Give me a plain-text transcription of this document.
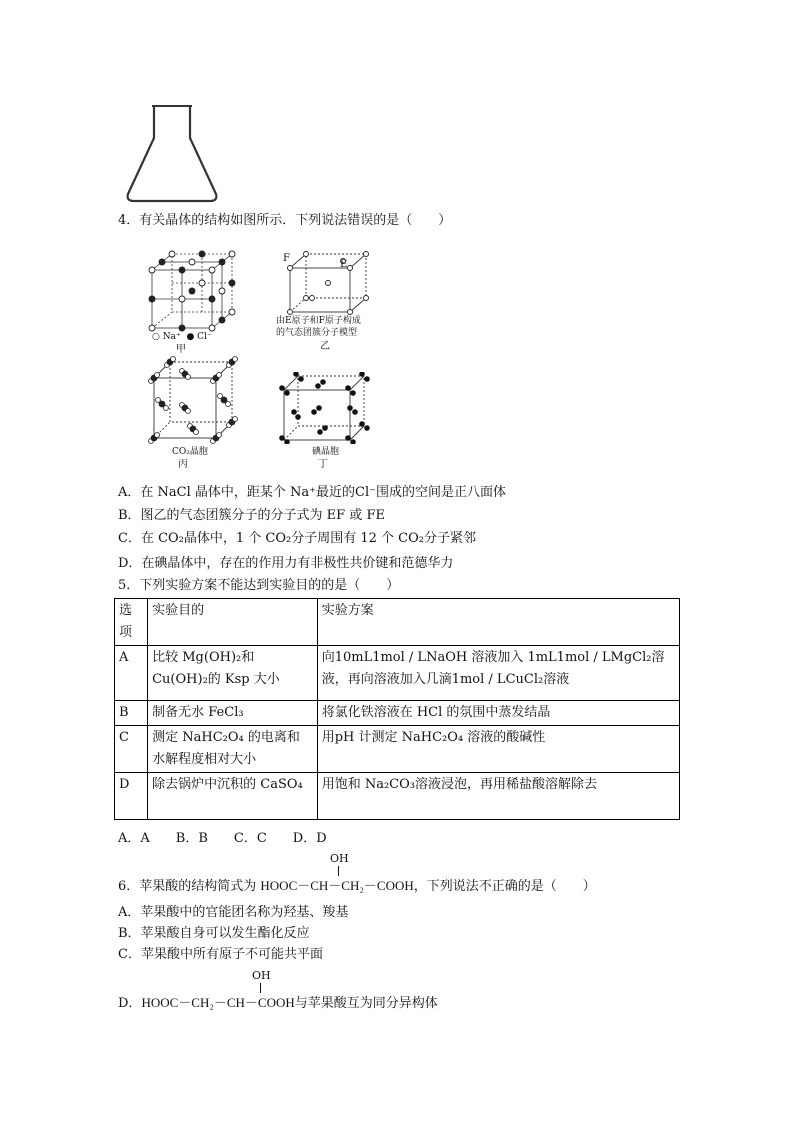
4．有关晶体的结构如图所示．下列说法错误的是（　　）
○ Na⁺ ● Cl⁻
甲
F
E
由E原子和F原子构成
的气态团簇分子模型
乙
CO₂晶胞
丙
碘晶胞
丁
A．在 NaCl 晶体中，距某个 Na⁺最近的Cl⁻围成的空间是正八面体
B．图乙的气态团簇分子的分子式为 EF 或 FE
C．在 CO₂晶体中，1 个 CO₂分子周围有 12 个 CO₂分子紧邻
D．在碘晶体中，存在的作用力有非极性共价键和范德华力
5．下列实验方案不能达到实验目的的是（　　）
选项	实验目的	实验方案
A	比较 Mg(OH)₂和 Cu(OH)₂的 Ksp 大小	向10mL1mol / LNaOH 溶液加入 1mL1mol / LMgCl₂溶液，再向溶液加入几滴1mol / LCuCl₂溶液
B	制备无水 FeCl₃	将氯化铁溶液在 HCl 的氛围中蒸发结晶
C	测定 NaHC₂O₄ 的电离和水解程度相对大小	用pH 计测定 NaHC₂O₄ 溶液的酸碱性
D	除去锅炉中沉积的 CaSO₄	用饱和 Na₂CO₃溶液浸泡，再用稀盐酸溶解除去
A．A　　B．B　　C．C　　D．D
OH
6．苹果酸的结构简式为 HOOC－CH－CH₂－COOH，下列说法不正确的是（　　）
A．苹果酸中的官能团名称为羟基、羧基
B．苹果酸自身可以发生酯化反应
C．苹果酸中所有原子不可能共平面
OH
D．HOOC－CH₂－CH－COOH与苹果酸互为同分异构体
